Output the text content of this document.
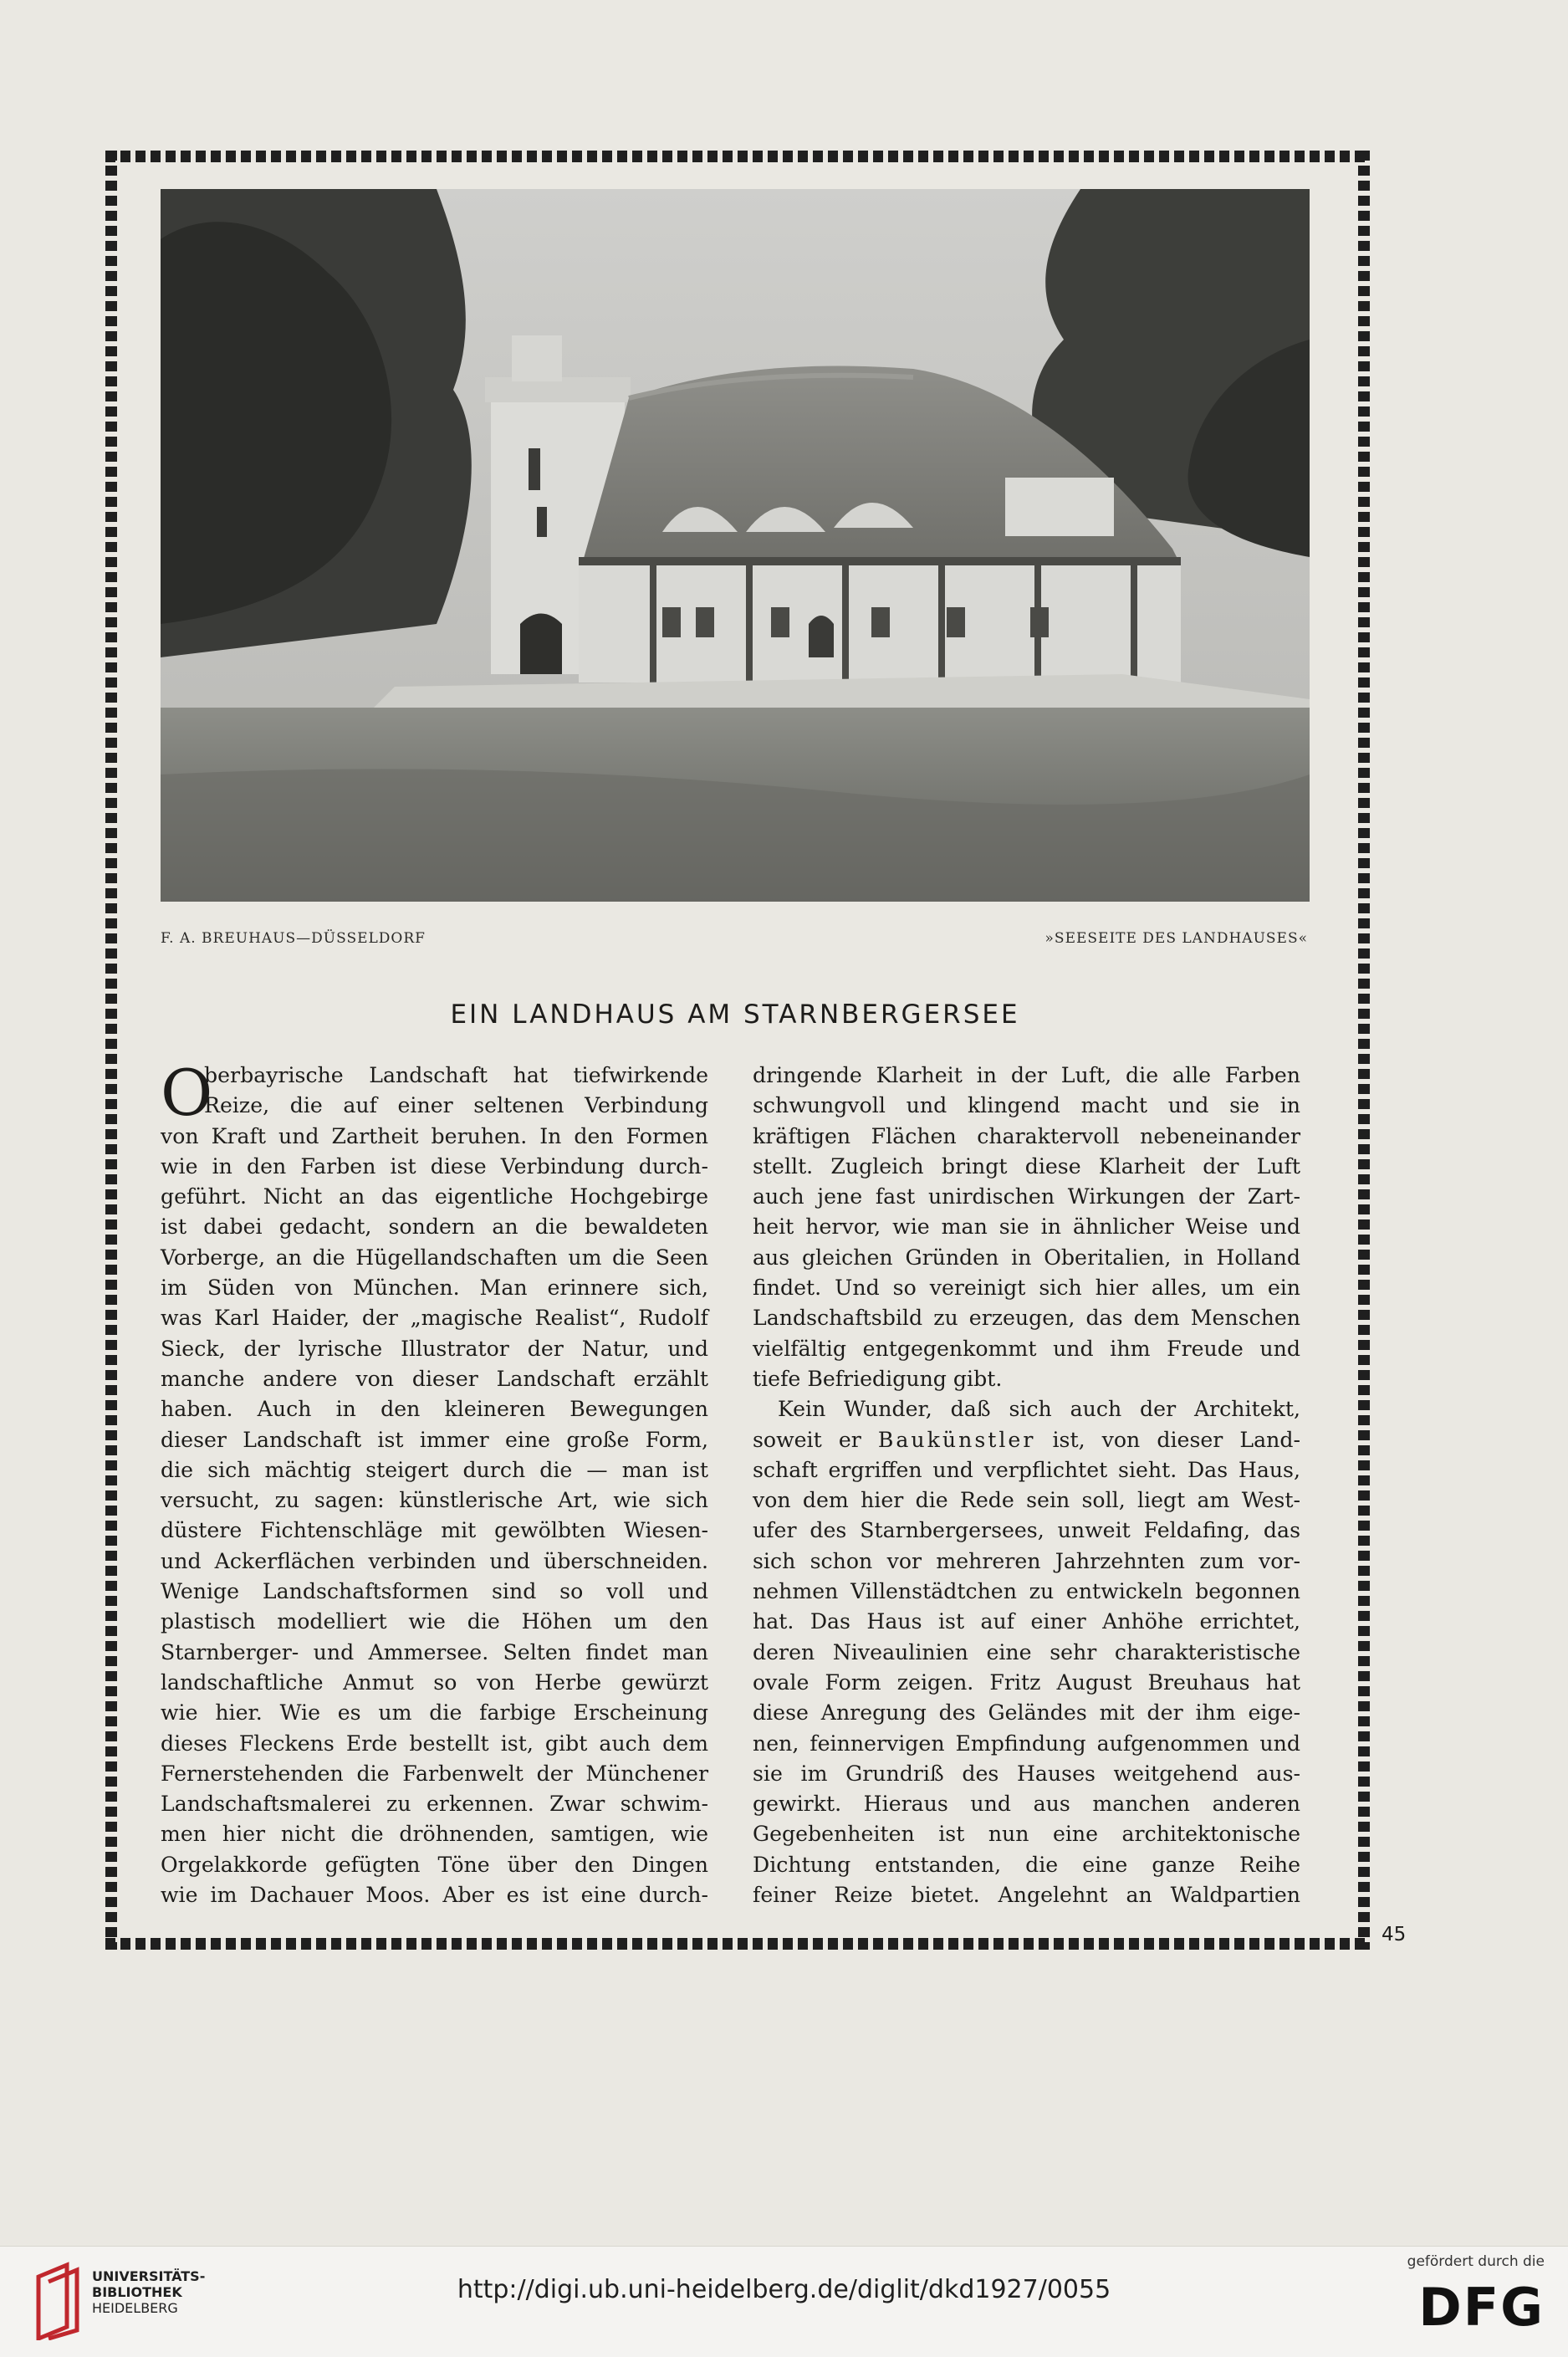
F. A. BREUHAUS—DÜSSELDORF	»SEESEITE DES LANDHAUSES«
EIN LANDHAUS AM STARNBERGERSEE
O
berbayrische Landschaft hat tiefwirkende
Reize, die auf einer seltenen Verbindung
von Kraft und Zartheit beruhen. In den Formen
wie in den Farben ist diese Verbindung durch-
geführt. Nicht an das eigentliche Hochgebirge
ist dabei gedacht, sondern an die bewaldeten
Vorberge, an die Hügellandschaften um die Seen
im Süden von München. Man erinnere sich,
was Karl Haider, der „magische Realist“, Rudolf
Sieck, der lyrische Illustrator der Natur, und
manche andere von dieser Landschaft erzählt
haben. Auch in den kleineren Bewegungen
dieser Landschaft ist immer eine große Form,
die sich mächtig steigert durch die — man ist
versucht, zu sagen: künstlerische Art, wie sich
düstere Fichtenschläge mit gewölbten Wiesen-
und Ackerflächen verbinden und überschneiden.
Wenige Landschaftsformen sind so voll und
plastisch modelliert wie die Höhen um den
Starnberger- und Ammersee. Selten findet man
landschaftliche Anmut so von Herbe gewürzt
wie hier. Wie es um die farbige Erscheinung
dieses Fleckens Erde bestellt ist, gibt auch dem
Fernerstehenden die Farbenwelt der Münchener
Landschaftsmalerei zu erkennen. Zwar schwim-
men hier nicht die dröhnenden, samtigen, wie
Orgelakkorde gefügten Töne über den Dingen
wie im Dachauer Moos. Aber es ist eine durch-
dringende Klarheit in der Luft, die alle Farben
schwungvoll und klingend macht und sie in
kräftigen Flächen charaktervoll nebeneinander
stellt. Zugleich bringt diese Klarheit der Luft
auch jene fast unirdischen Wirkungen der Zart-
heit hervor, wie man sie in ähnlicher Weise und
aus gleichen Gründen in Oberitalien, in Holland
findet. Und so vereinigt sich hier alles, um ein
Landschaftsbild zu erzeugen, das dem Menschen
vielfältig entgegenkommt und ihm Freude und
tiefe Befriedigung gibt.
Kein Wunder, daß sich auch der Architekt,
soweit er Baukünstler ist, von dieser Land-
schaft ergriffen und verpflichtet sieht. Das Haus,
von dem hier die Rede sein soll, liegt am West-
ufer des Starnbergersees, unweit Feldafing, das
sich schon vor mehreren Jahrzehnten zum vor-
nehmen Villenstädtchen zu entwickeln begonnen
hat. Das Haus ist auf einer Anhöhe errichtet,
deren Niveaulinien eine sehr charakteristische
ovale Form zeigen. Fritz August Breuhaus hat
diese Anregung des Geländes mit der ihm eige-
nen, feinnervigen Empfindung aufgenommen und
sie im Grundriß des Hauses weitgehend aus-
gewirkt. Hieraus und aus manchen anderen
Gegebenheiten ist nun eine architektonische
Dichtung entstanden, die eine ganze Reihe
feiner Reize bietet. Angelehnt an Waldpartien
45
UNIVERSITÄTS-
BIBLIOTHEK
HEIDELBERG
http://digi.ub.uni-heidelberg.de/diglit/dkd1927/0055
gefördert durch die
DFG
